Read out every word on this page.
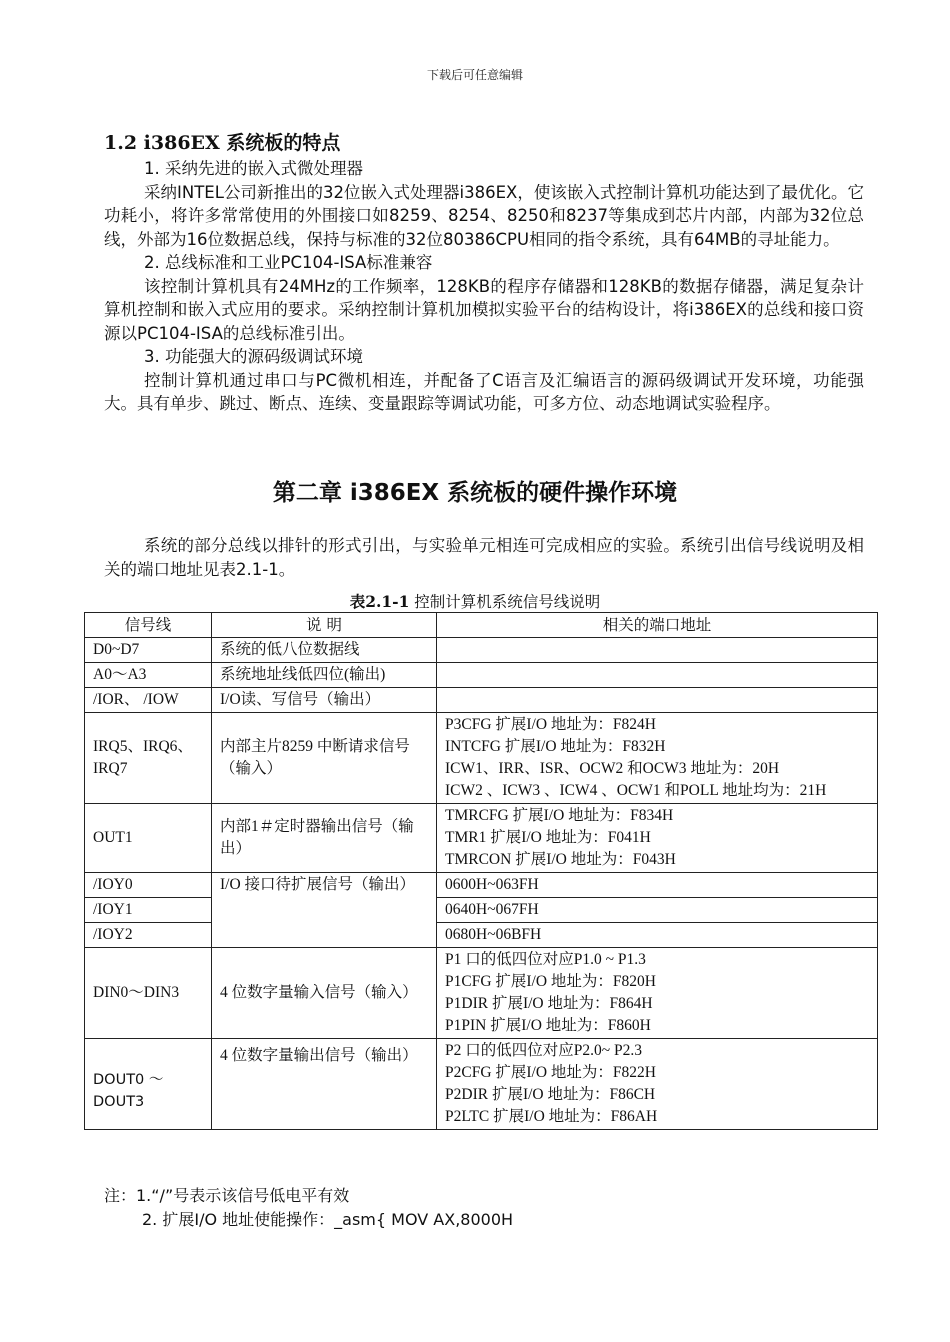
下载后可任意编辑

1.2 i386EX 系统板的特点

1. 采纳先进的嵌入式微处理器

采纳INTEL公司新推出的32位嵌入式处理器i386EX，使该嵌入式控制计算机功能达到了最优化。它功耗小，将许多常常使用的外围接口如8259、8254、8250和8237等集成到芯片内部，内部为32位总线，外部为16位数据总线，保持与标准的32位80386CPU相同的指令系统，具有64MB的寻址能力。

2. 总线标准和工业PC104-ISA标准兼容

该控制计算机具有24MHz的工作频率，128KB的程序存储器和128KB的数据存储器，满足复杂计算机控制和嵌入式应用的要求。采纳控制计算机加模拟实验平台的结构设计，将i386EX的总线和接口资源以PC104-ISA的总线标准引出。

3. 功能强大的源码级调试环境

控制计算机通过串口与PC微机相连，并配备了C语言及汇编语言的源码级调试开发环境，功能强大。具有单步、跳过、断点、连续、变量跟踪等调试功能，可多方位、动态地调试实验程序。

第二章 i386EX 系统板的硬件操作环境

系统的部分总线以排针的形式引出，与实验单元相连可完成相应的实验。系统引出信号线说明及相关的端口地址见表2.1-1。

表2.1-1 控制计算机系统信号线说明
信号线	说 明	相关的端口地址
D0~D7	系统的低八位数据线	
A0～A3	系统地址线低四位(输出)	
/IOR、 /IOW	I/O读、写信号（输出）	
IRQ5、IRQ6、IRQ7	内部主片8259 中断请求信号（输入）	P3CFG 扩展I/O 地址为：F824H

INTCFG 扩展I/O 地址为：F832H

ICW1、IRR、ISR、OCW2 和OCW3 地址为：20H

ICW2 、ICW3 、ICW4 、OCW1 和POLL 地址均为：21H

OUT1	内部1＃定时器输出信号（输出）	TMRCFG 扩展I/O 地址为：F834H

TMR1 扩展I/O 地址为：F041H

TMRCON 扩展I/O 地址为：F043H

/IOY0	I/O 接口待扩展信号（输出）	0600H~063FH
/IOY1		0640H~067FH
/IOY2		0680H~06BFH
DIN0～DIN3	4 位数字量输入信号（输入）	P1 口的低四位对应P1.0 ~ P1.3

P1CFG 扩展I/O 地址为：F820H

P1DIR 扩展I/O 地址为：F864H

P1PIN 扩展I/O 地址为：F860H

DOUT0 ～ DOUT3	4 位数字量输出信号（输出）	P2 口的低四位对应P2.0~ P2.3

P2CFG 扩展I/O 地址为：F822H

P2DIR 扩展I/O 地址为：F86CH

P2LTC 扩展I/O 地址为：F86AH

注：1.“/”号表示该信号低电平有效

2. 扩展I/O 地址使能操作：_asm{ MOV AX,8000H
